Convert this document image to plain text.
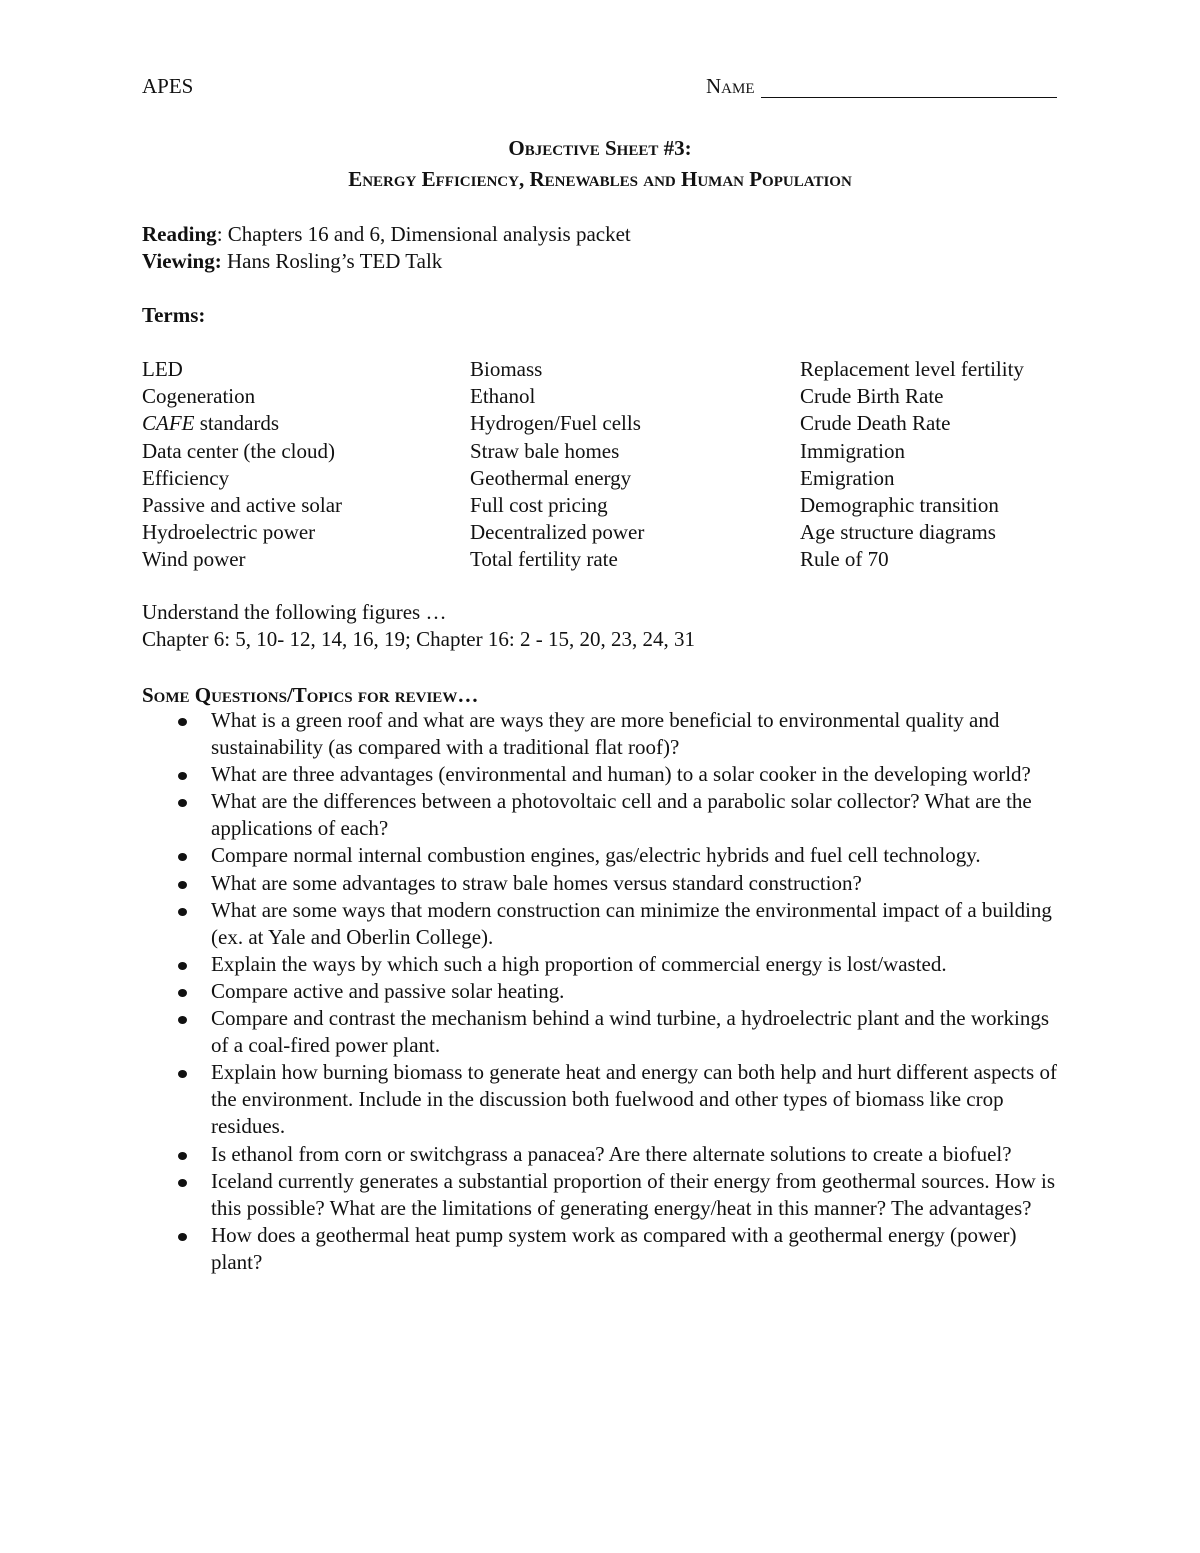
APES	Name
Objective Sheet #3:
Energy Efficiency, Renewables and Human Population
Reading: Chapters 16 and 6, Dimensional analysis packet
Viewing: Hans Rosling’s TED Talk
Terms:
LED
Cogeneration
CAFE standards
Data center (the cloud)
Efficiency
Passive and active solar
Hydroelectric power
Wind power
Biomass
Ethanol
Hydrogen/Fuel cells
Straw bale homes
Geothermal energy
Full cost pricing
Decentralized power
Total fertility rate
Replacement level fertility
Crude Birth Rate
Crude Death Rate
Immigration
Emigration
Demographic transition
Age structure diagrams
Rule of 70
Understand the following figures …
Chapter 6: 5, 10- 12, 14, 16, 19; Chapter 16: 2 - 15, 20, 23, 24, 31
Some Questions/Topics for review…
What is a green roof and what are ways they are more beneficial to environmental quality and sustainability (as compared with a traditional flat roof)?
What are three advantages (environmental and human) to a solar cooker in the developing world?
What are the differences between a photovoltaic cell and a parabolic solar collector? What are the applications of each?
Compare normal internal combustion engines, gas/electric hybrids and fuel cell technology.
What are some advantages to straw bale homes versus standard construction?
What are some ways that modern construction can minimize the environmental impact of a building (ex. at Yale and Oberlin College).
Explain the ways by which such a high proportion of commercial energy is lost/wasted.
Compare active and passive solar heating.
Compare and contrast the mechanism behind a wind turbine, a hydroelectric plant and the workings of a coal-fired power plant.
Explain how burning biomass to generate heat and energy can both help and hurt different aspects of the environment. Include in the discussion both fuelwood and other types of biomass like crop residues.
Is ethanol from corn or switchgrass a panacea? Are there alternate solutions to create a biofuel?
Iceland currently generates a substantial proportion of their energy from geothermal sources. How is this possible? What are the limitations of generating energy/heat in this manner? The advantages?
How does a geothermal heat pump system work as compared with a geothermal energy (power) plant?
